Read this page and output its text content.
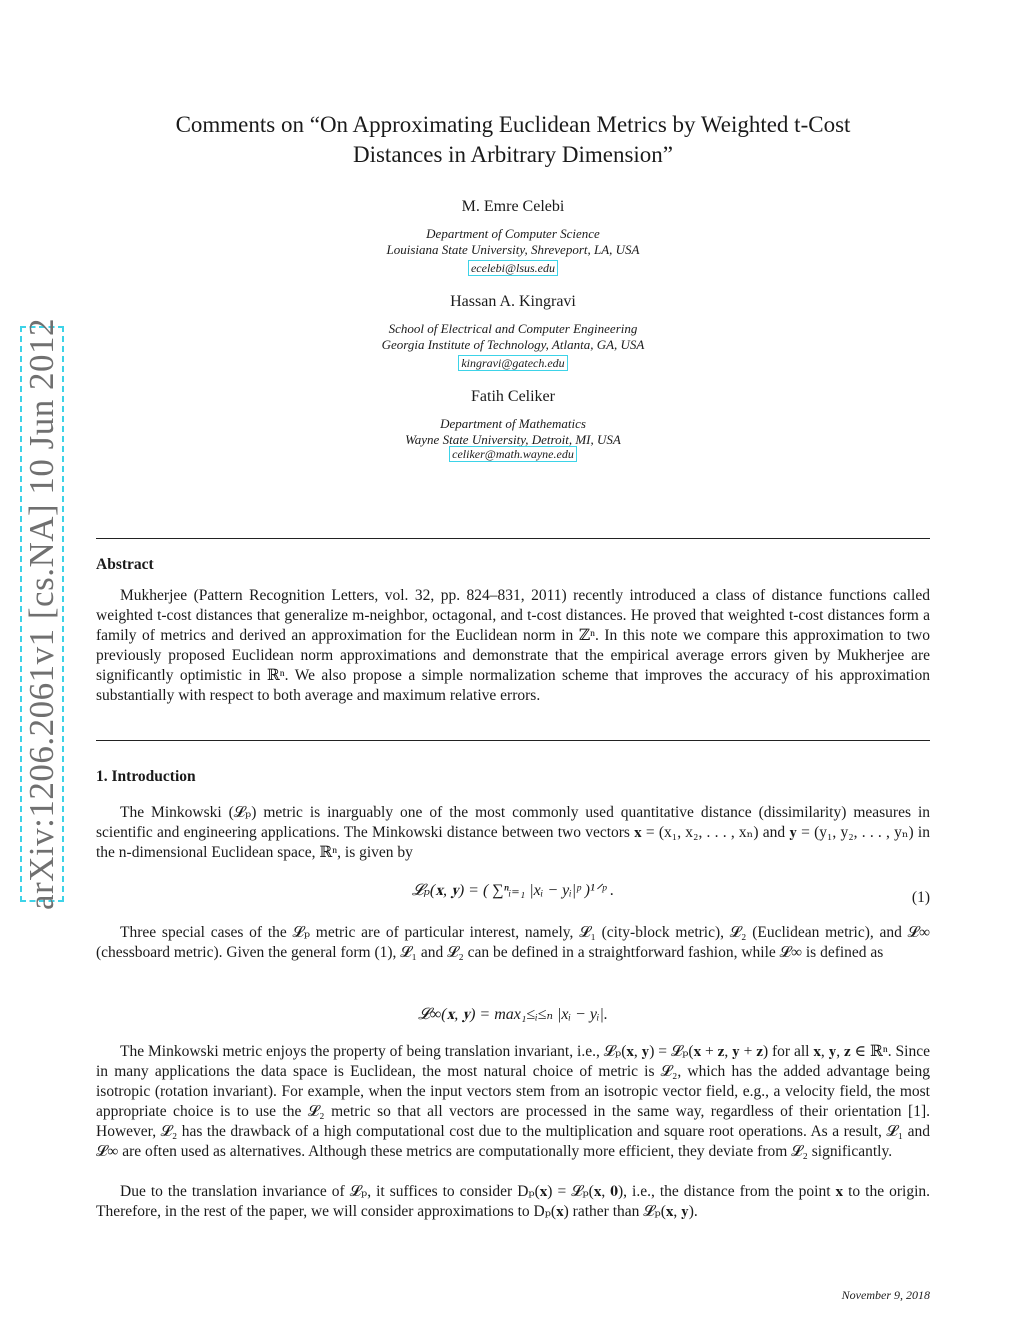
arXiv:1206.2061v1 [cs.NA] 10 Jun 2012
Comments on “On Approximating Euclidean Metrics by Weighted t-Cost
Distances in Arbitrary Dimension”
M. Emre Celebi
Department of Computer Science
Louisiana State University, Shreveport, LA, USA
ecelebi@lsus.edu
Hassan A. Kingravi
School of Electrical and Computer Engineering
Georgia Institute of Technology, Atlanta, GA, USA
kingravi@gatech.edu
Fatih Celiker
Department of Mathematics
Wayne State University, Detroit, MI, USA
celiker@math.wayne.edu
Abstract

Mukherjee (Pattern Recognition Letters, vol. 32, pp. 824–831, 2011) recently introduced a class of distance functions called weighted t-cost distances that generalize m-neighbor, octagonal, and t-cost distances. He proved that weighted t-cost distances form a family of metrics and derived an approximation for the Euclidean norm in ℤⁿ. In this note we compare this approximation to two previously proposed Euclidean norm approximations and demonstrate that the empirical average errors given by Mukherjee are significantly optimistic in ℝⁿ. We also propose a simple normalization scheme that improves the accuracy of his approximation substantially with respect to both average and maximum relative errors.

1. Introduction

The Minkowski (𝓛ₚ) metric is inarguably one of the most commonly used quantitative distance (dissimilarity) measures in scientific and engineering applications. The Minkowski distance between two vectors 𝐱 = (x₁, x₂, . . . , xₙ) and 𝐲 = (y₁, y₂, . . . , yₙ) in the n-dimensional Euclidean space, ℝⁿ, is given by

𝓛ₚ(𝐱, 𝐲) = ( ∑ⁿᵢ₌₁ |xᵢ − yᵢ|ᵖ )¹ᐟᵖ .	(1)

Three special cases of the 𝓛ₚ metric are of particular interest, namely, 𝓛₁ (city-block metric), 𝓛₂ (Euclidean metric), and 𝓛∞ (chessboard metric). Given the general form (1), 𝓛₁ and 𝓛₂ can be defined in a straightforward fashion, while 𝓛∞ is defined as

𝓛∞(𝐱, 𝐲) = max₁≤ᵢ≤ₙ |xᵢ − yᵢ|.

The Minkowski metric enjoys the property of being translation invariant, i.e., 𝓛ₚ(𝐱, 𝐲) = 𝓛ₚ(𝐱 + 𝐳, 𝐲 + 𝐳) for all 𝐱, 𝐲, 𝐳 ∈ ℝⁿ. Since in many applications the data space is Euclidean, the most natural choice of metric is 𝓛₂, which has the added advantage being isotropic (rotation invariant). For example, when the input vectors stem from an isotropic vector field, e.g., a velocity field, the most appropriate choice is to use the 𝓛₂ metric so that all vectors are processed in the same way, regardless of their orientation [1]. However, 𝓛₂ has the drawback of a high computational cost due to the multiplication and square root operations. As a result, 𝓛₁ and 𝓛∞ are often used as alternatives. Although these metrics are computationally more efficient, they deviate from 𝓛₂ significantly.

Due to the translation invariance of 𝓛ₚ, it suffices to consider Dₚ(𝐱) = 𝓛ₚ(𝐱, 𝟎), i.e., the distance from the point 𝐱 to the origin. Therefore, in the rest of the paper, we will consider approximations to Dₚ(𝐱) rather than 𝓛ₚ(𝐱, 𝐲).

November 9, 2018
